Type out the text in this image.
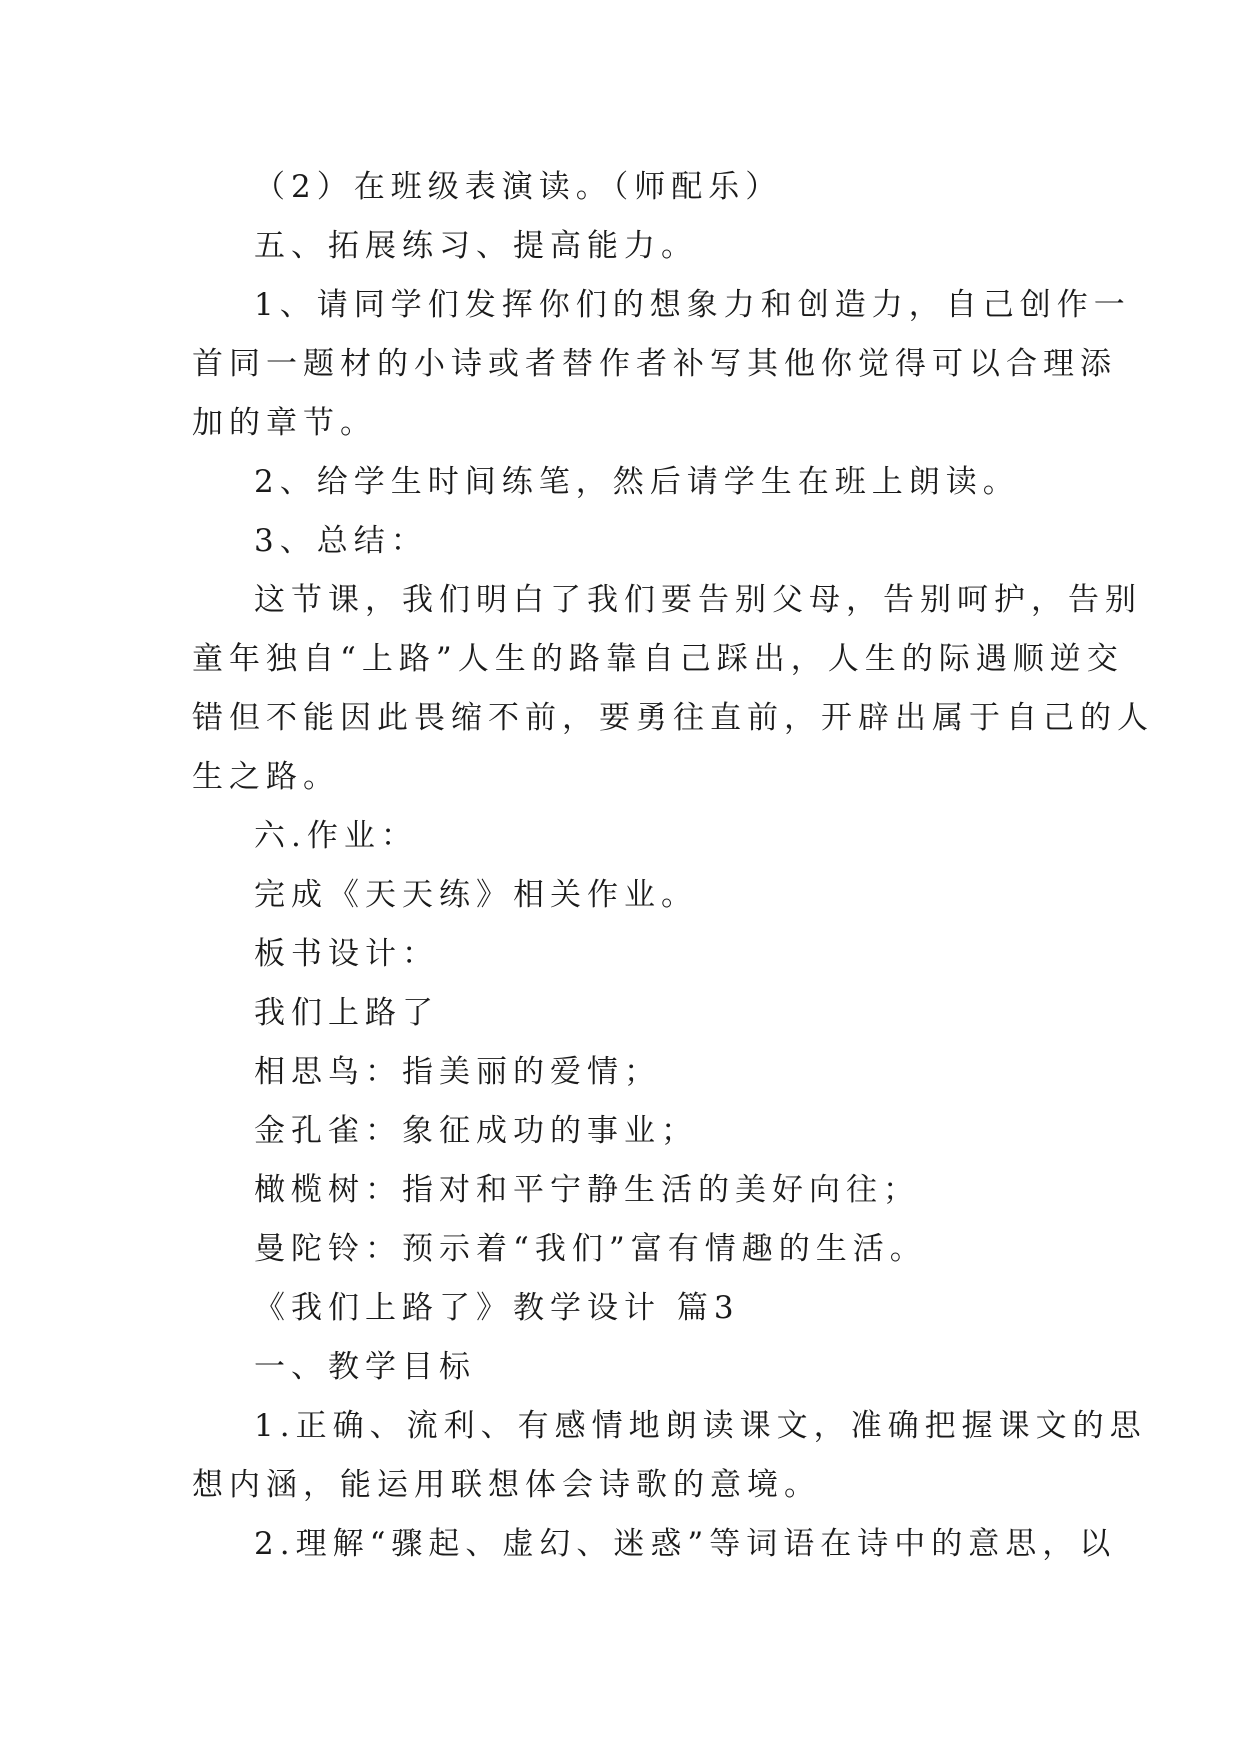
（2）在班级表演读。（师配乐）
五、拓展练习、提高能力。
1、请同学们发挥你们的想象力和创造力，自己创作一
首同一题材的小诗或者替作者补写其他你觉得可以合理添
加的章节。
2、给学生时间练笔，然后请学生在班上朗读。
3、总结：
这节课，我们明白了我们要告别父母，告别呵护，告别
童年独自“上路”人生的路靠自己踩出，人生的际遇顺逆交
错但不能因此畏缩不前，要勇往直前，开辟出属于自己的人
生之路。
六.作业：
完成《天天练》相关作业。
板书设计：
我们上路了
相思鸟：指美丽的爱情；
金孔雀：象征成功的事业；
橄榄树：指对和平宁静生活的美好向往；
曼陀铃：预示着“我们”富有情趣的生活。
《我们上路了》教学设计 篇3
一、教学目标
1.正确、流利、有感情地朗读课文，准确把握课文的思
想内涵，能运用联想体会诗歌的意境。
2.理解“骤起、虚幻、迷惑”等词语在诗中的意思，以
